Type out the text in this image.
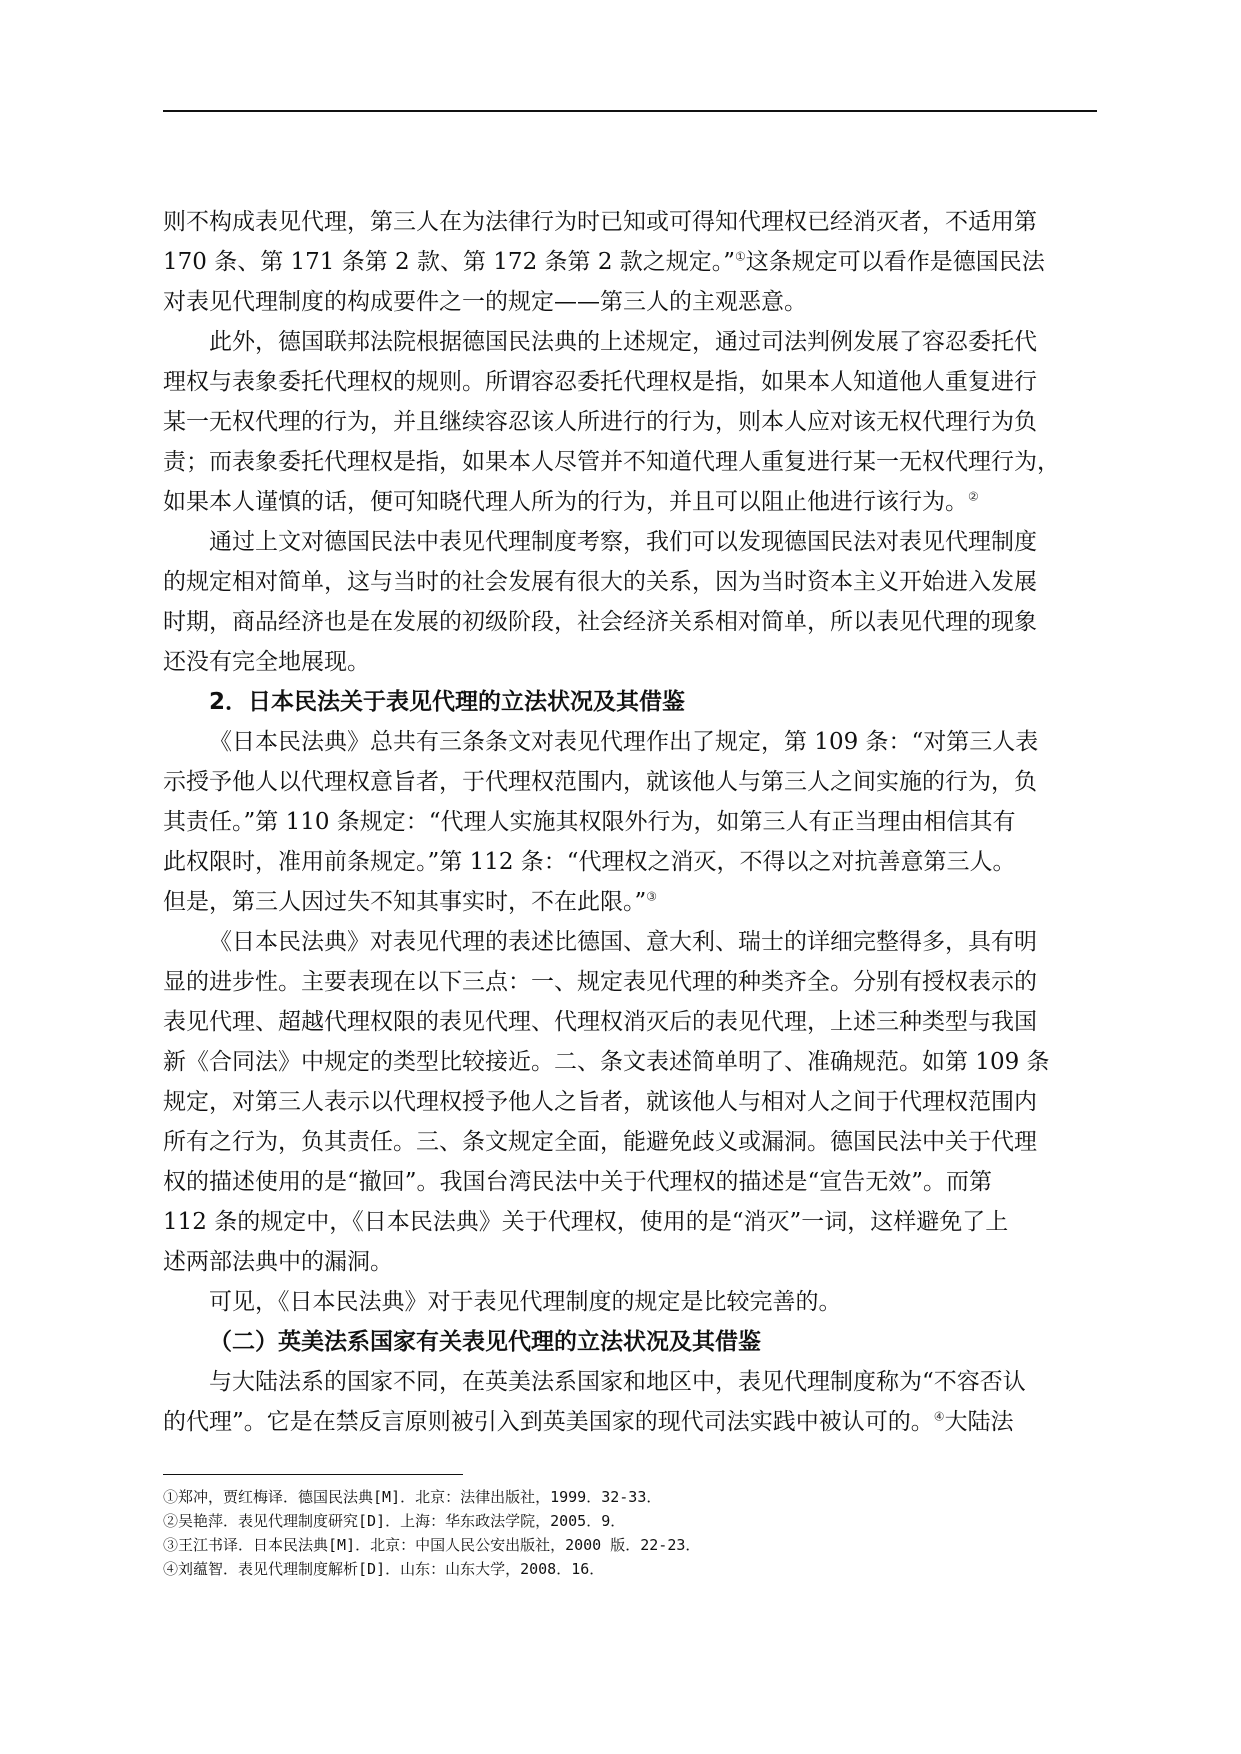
则不构成表见代理，第三人在为法律行为时已知或可得知代理权已经消灭者，不适用第
170 条、第 171 条第 2 款、第 172 条第 2 款之规定。”①这条规定可以看作是德国民法
对表见代理制度的构成要件之一的规定——第三人的主观恶意。
此外，德国联邦法院根据德国民法典的上述规定，通过司法判例发展了容忍委托代
理权与表象委托代理权的规则。所谓容忍委托代理权是指，如果本人知道他人重复进行
某一无权代理的行为，并且继续容忍该人所进行的行为，则本人应对该无权代理行为负
责；而表象委托代理权是指，如果本人尽管并不知道代理人重复进行某一无权代理行为，
如果本人谨慎的话，便可知晓代理人所为的行为，并且可以阻止他进行该行为。②
通过上文对德国民法中表见代理制度考察，我们可以发现德国民法对表见代理制度
的规定相对简单，这与当时的社会发展有很大的关系，因为当时资本主义开始进入发展
时期，商品经济也是在发展的初级阶段，社会经济关系相对简单，所以表见代理的现象
还没有完全地展现。
2．日本民法关于表见代理的立法状况及其借鉴
《日本民法典》总共有三条条文对表见代理作出了规定，第 109 条：“对第三人表
示授予他人以代理权意旨者，于代理权范围内，就该他人与第三人之间实施的行为，负
其责任。”第 110 条规定：“代理人实施其权限外行为，如第三人有正当理由相信其有
此权限时，准用前条规定。”第 112 条：“代理权之消灭，不得以之对抗善意第三人。
但是，第三人因过失不知其事实时，不在此限。”③
《日本民法典》对表见代理的表述比德国、意大利、瑞士的详细完整得多，具有明
显的进步性。主要表现在以下三点：一、规定表见代理的种类齐全。分别有授权表示的
表见代理、超越代理权限的表见代理、代理权消灭后的表见代理，上述三种类型与我国
新《合同法》中规定的类型比较接近。二、条文表述简单明了、准确规范。如第 109 条
规定，对第三人表示以代理权授予他人之旨者，就该他人与相对人之间于代理权范围内
所有之行为，负其责任。三、条文规定全面，能避免歧义或漏洞。德国民法中关于代理
权的描述使用的是“撤回”。我国台湾民法中关于代理权的描述是“宣告无效”。而第
112 条的规定中，《日本民法典》关于代理权，使用的是“消灭”一词，这样避免了上
述两部法典中的漏洞。
可见，《日本民法典》对于表见代理制度的规定是比较完善的。
（二）英美法系国家有关表见代理的立法状况及其借鉴
与大陆法系的国家不同，在英美法系国家和地区中，表见代理制度称为“不容否认
的代理”。它是在禁反言原则被引入到英美国家的现代司法实践中被认可的。④大陆法
①郑冲，贾红梅译．德国民法典[M]．北京：法律出版社，1999．32-33．
②吴艳萍．表见代理制度研究[D]．上海：华东政法学院，2005．9．
③王江书译．日本民法典[M]．北京：中国人民公安出版社，2000 版．22-23．
④刘蕴智．表见代理制度解析[D]．山东：山东大学，2008．16．
